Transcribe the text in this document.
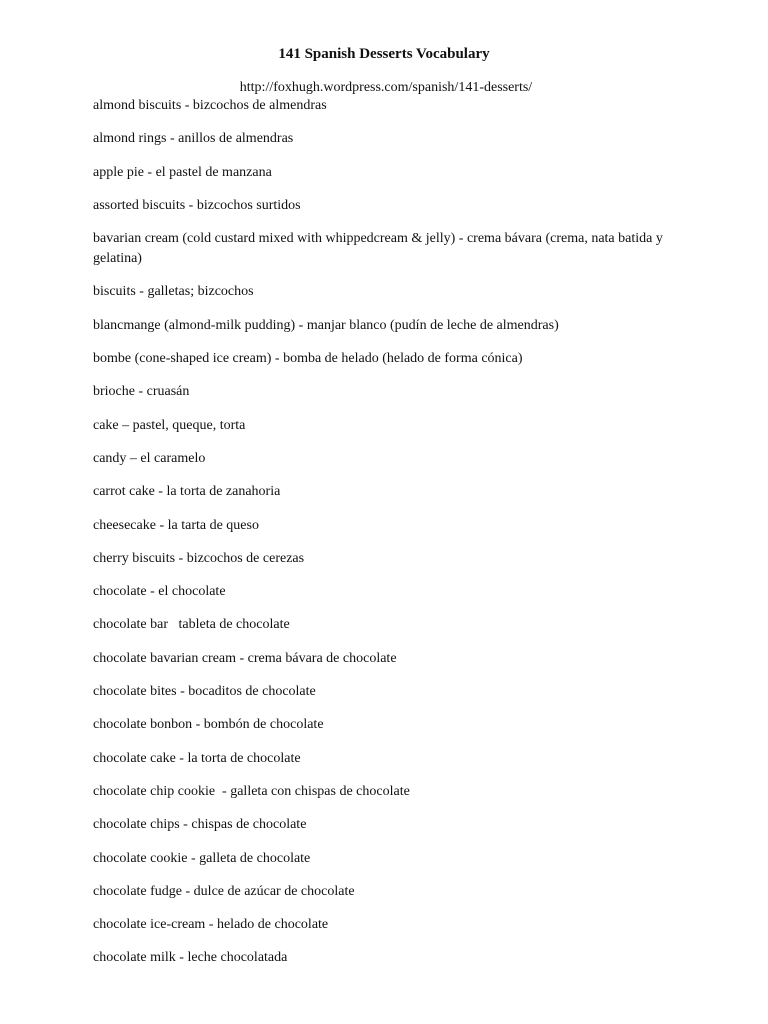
141 Spanish Desserts Vocabulary
http://foxhugh.wordpress.com/spanish/141-desserts/
almond biscuits - bizcochos de almendras
almond rings - anillos de almendras
apple pie - el pastel de manzana
assorted biscuits - bizcochos surtidos
bavarian cream (cold custard mixed with whippedcream & jelly) - crema bávara (crema, nata batida y gelatina)
biscuits - galletas; bizcochos
blancmange (almond-milk pudding) - manjar blanco (pudín de leche de almendras)
bombe (cone-shaped ice cream) - bomba de helado (helado de forma cónica)
brioche - cruasán
cake – pastel, queque, torta
candy – el caramelo
carrot cake - la torta de zanahoria
cheesecake - la tarta de queso
cherry biscuits - bizcochos de cerezas
chocolate - el chocolate
chocolate bar   tableta de chocolate
chocolate bavarian cream - crema bávara de chocolate
chocolate bites - bocaditos de chocolate
chocolate bonbon - bombón de chocolate
chocolate cake - la torta de chocolate
chocolate chip cookie  - galleta con chispas de chocolate
chocolate chips - chispas de chocolate
chocolate cookie - galleta de chocolate
chocolate fudge - dulce de azúcar de chocolate
chocolate ice-cream - helado de chocolate
chocolate milk - leche chocolatada
